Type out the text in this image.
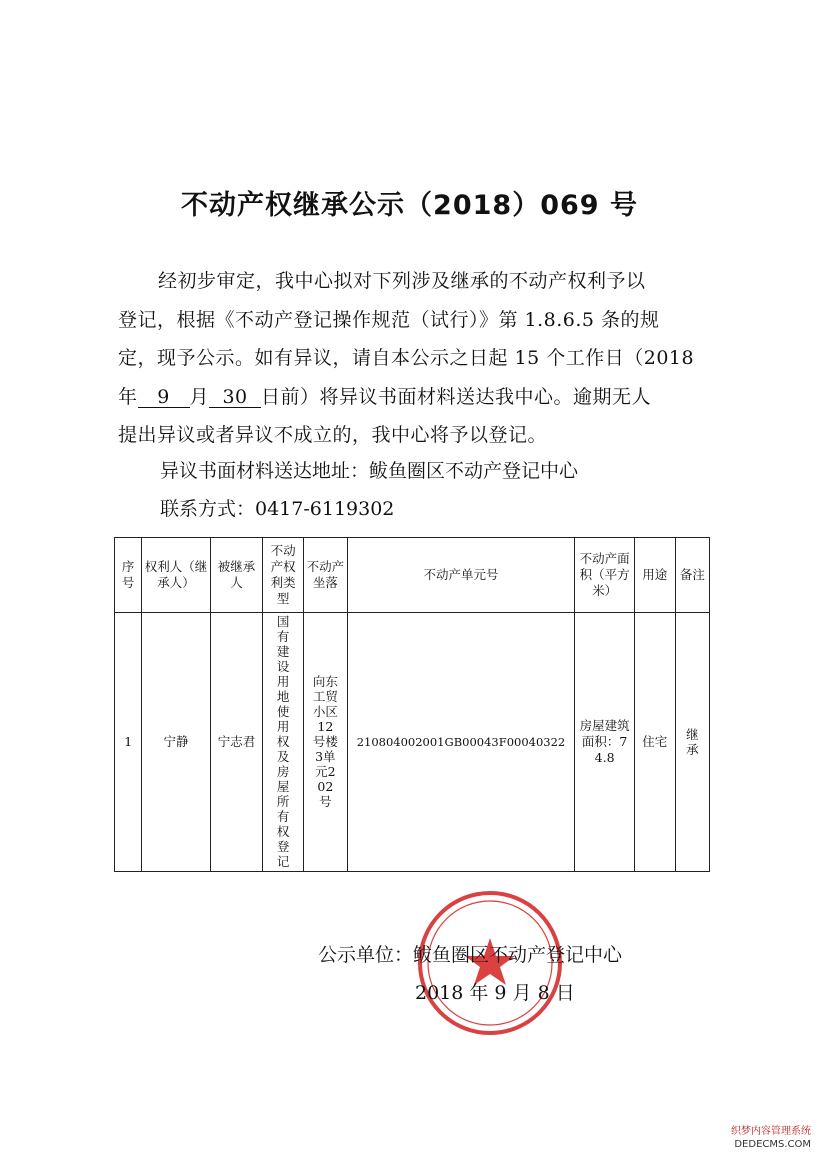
不动产权继承公示（2018）069 号
经初步审定，我中心拟对下列涉及继承的不动产权利予以
登记，根据《不动产登记操作规范（试行）》第 1.8.6.5 条的规
定，现予公示。如有异议，请自本公示之日起 15 个工作日（2018
年 9 月 30 日前）将异议书面材料送达我中心。逾期无人
提出异议或者异议不成立的，我中心将予以登记。
异议书面材料送达地址：鲅鱼圈区不动产登记中心
联系方式：0417-6119302
序号	权利人（继承人）	被继承人	不动产权利类型	不动产坐落	不动产单元号	不动产面积（平方米）	用途	备注
1	宁静	宁志君	国有建设用地使用权及房屋所有权登记	向东工贸小区12号楼3单元202号	210804002001GB00043F00040322	房屋建筑面积：74.8	住宅	继承
公示单位：鲅鱼圈区不动产登记中心
2018 年 9 月 8 日
织梦内容管理系统
DEDECMS.COM
